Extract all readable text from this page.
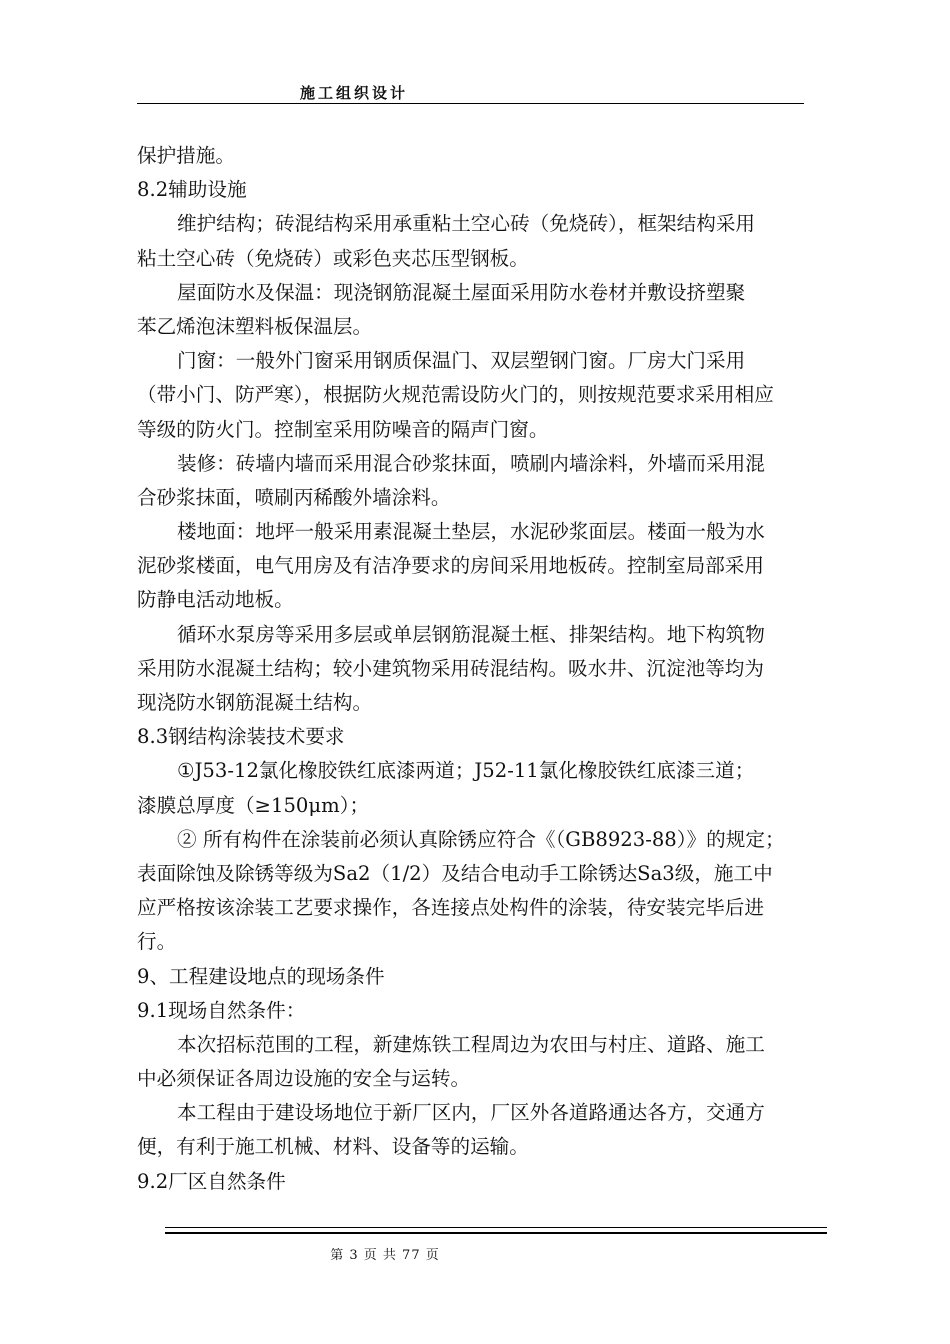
施工组织设计
保护措施。
8.2辅助设施
维护结构；砖混结构采用承重粘土空心砖（免烧砖），框架结构采用
粘土空心砖（免烧砖）或彩色夹芯压型钢板。
屋面防水及保温：现浇钢筋混凝土屋面采用防水卷材并敷设挤塑聚
苯乙烯泡沫塑料板保温层。
门窗：一般外门窗采用钢质保温门、双层塑钢门窗。厂房大门采用
（带小门、防严寒），根据防火规范需设防火门的，则按规范要求采用相应
等级的防火门。控制室采用防噪音的隔声门窗。
装修：砖墙内墙而采用混合砂浆抹面，喷刷内墙涂料，外墙而采用混
合砂浆抹面，喷刷丙稀酸外墙涂料。
楼地面：地坪一般采用素混凝土垫层，水泥砂浆面层。楼面一般为水
泥砂浆楼面，电气用房及有洁净要求的房间采用地板砖。控制室局部采用
防静电活动地板。
循环水泵房等采用多层或单层钢筋混凝土框、排架结构。地下构筑物
采用防水混凝土结构；较小建筑物采用砖混结构。吸水井、沉淀池等均为
现浇防水钢筋混凝土结构。
8.3钢结构涂装技术要求
①J53-12氯化橡胶铁红底漆两道；J52-11氯化橡胶铁红底漆三道；
漆膜总厚度（≥150μm）；
② 所有构件在涂装前必须认真除锈应符合《（GB8923-88）》的规定；
表面除蚀及除锈等级为Sa2（1/2）及结合电动手工除锈达Sa3级，施工中
应严格按该涂装工艺要求操作，各连接点处构件的涂装，待安装完毕后进
行。
9、工程建设地点的现场条件
9.1现场自然条件：
本次招标范围的工程，新建炼铁工程周边为农田与村庄、道路、施工
中必须保证各周边设施的安全与运转。
本工程由于建设场地位于新厂区内，厂区外各道路通达各方，交通方
便，有利于施工机械、材料、设备等的运输。
9.2厂区自然条件
第 3 页 共 77 页
